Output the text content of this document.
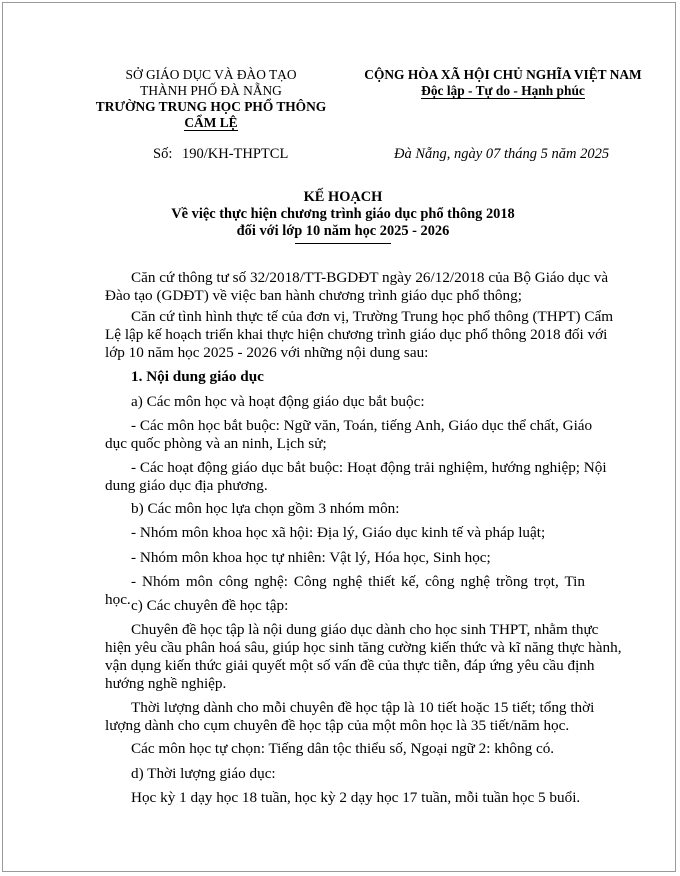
SỞ GIÁO DỤC VÀ ĐÀO TẠO
THÀNH PHỐ ĐÀ NẴNG
TRƯỜNG TRUNG HỌC PHỔ THÔNG
CẨM LỆ
CỘNG HÒA XÃ HỘI CHỦ NGHĨA VIỆT NAM
Độc lập - Tự do - Hạnh phúc
Số: 190/KH-THPTCL	Đà Nẵng, ngày 07 tháng 5 năm 2025
KẾ HOẠCH
Về việc thực hiện chương trình giáo dục phổ thông 2018
đối với lớp 10 năm học 2025 - 2026
Căn cứ thông tư số 32/2018/TT-BGDĐT ngày 26/12/2018 của Bộ Giáo dục và
Đào tạo (GDĐT) về việc ban hành chương trình giáo dục phổ thông;
Căn cứ tình hình thực tế của đơn vị, Trường Trung học phổ thông (THPT) Cẩm
Lệ lập kế hoạch triển khai thực hiện chương trình giáo dục phổ thông 2018 đối với
lớp 10 năm học 2025 - 2026 với những nội dung sau:
1. Nội dung giáo dục
a) Các môn học và hoạt động giáo dục bắt buộc:
- Các môn học bắt buộc: Ngữ văn, Toán, tiếng Anh, Giáo dục thể chất, Giáo
dục quốc phòng và an ninh, Lịch sử;
- Các hoạt động giáo dục bắt buộc: Hoạt động trải nghiệm, hướng nghiệp; Nội
dung giáo dục địa phương.
b) Các môn học lựa chọn gồm 3 nhóm môn:
- Nhóm môn khoa học xã hội: Địa lý, Giáo dục kinh tế và pháp luật;
- Nhóm môn khoa học tự nhiên: Vật lý, Hóa học, Sinh học;
- Nhóm môn công nghệ: Công nghệ thiết kế, công nghệ trồng trọt, Tin học. c) Các chuyên đề học tập:
Chuyên đề học tập là nội dung giáo dục dành cho học sinh THPT, nhằm thực
hiện yêu cầu phân hoá sâu, giúp học sinh tăng cường kiến thức và kĩ năng thực hành,
vận dụng kiến thức giải quyết một số vấn đề của thực tiễn, đáp ứng yêu cầu định
hướng nghề nghiệp.
Thời lượng dành cho mỗi chuyên đề học tập là 10 tiết hoặc 15 tiết; tổng thời
lượng dành cho cụm chuyên đề học tập của một môn học là 35 tiết/năm học.
Các môn học tự chọn: Tiếng dân tộc thiểu số, Ngoại ngữ 2: không có.
d) Thời lượng giáo dục:
Học kỳ 1 dạy học 18 tuần, học kỳ 2 dạy học 17 tuần, mỗi tuần học 5 buổi.
